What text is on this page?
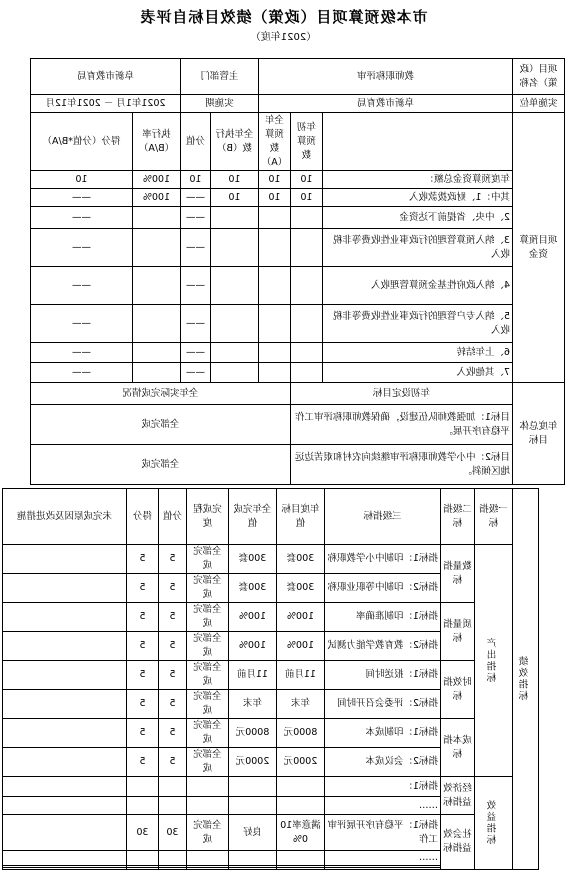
市本级预算项目（政策）绩效目标自评表
（2021年度）
项目（政策）名称	教师职称评审			主管部门		阜新市教育局	
实施单位	阜新市教育局			实施期		2021年1月 － 2021年12月	
项目预算资金		年初预算数	全年预算数（A）	全年执行数（B）	分值	执行率（B/A）	得分（分值*B/A）
	年度预算资金总额：	10	10	10	10	100%	10
	其中：1、财政拨款收入	10	10	10	——	100%	——
	2、中央、省提前下达资金				——		——
	3、纳入预算管理的行政事业性收费等非税收入				——		——
	4、纳入政府性基金预算管理收入				——		——
	5、纳入专户管理的行政事业性收费等非税收入				——		——
	6、上年结转				——		——
	7、其他收入				——		——
年度总体目标	年初设定目标		全年实际完成情况				
	目标1：加强教师队伍建设，确保教师职称评审工作平稳有序开展。		全部完成				
	目标2：中小学教师职称评审继续向农村和艰苦边远地区倾斜。		全部完成				
绩效指标	一级指标	二级指标	三级指标	年度目标值	全年完成值	完成程度	分值	得分	未完成原因及改进措施
	产出指标	数量指标	指标1：印制中小学教职称	300套	300套	全部完成	5	5	
			指标2：印制中等职业职称	300套	300套	全部完成	5	5	
		质量指标	指标1：印制准确率	100%	100%	全部完成	5	5	
			指标2：教育教学能力测试	100%	100%	全部完成	5	5	
		时效指标	指标1：报送时间	11月前	11月前	全部完成	5	5	
			指标2：评委会召开时间	年末	年末	全部完成	5	5	
		成本指标	指标1：印制成本	8000元	8000元	全部完成	5	5	
			指标2：会议成本	2000元	2000元	全部完成	5	5	
	效益指标	经济效益指标	指标1：						
			……						
		社会效益指标	指标1：平稳有序开展评审工作	满意率100%	良好	全部完成	30	30	
			……						
